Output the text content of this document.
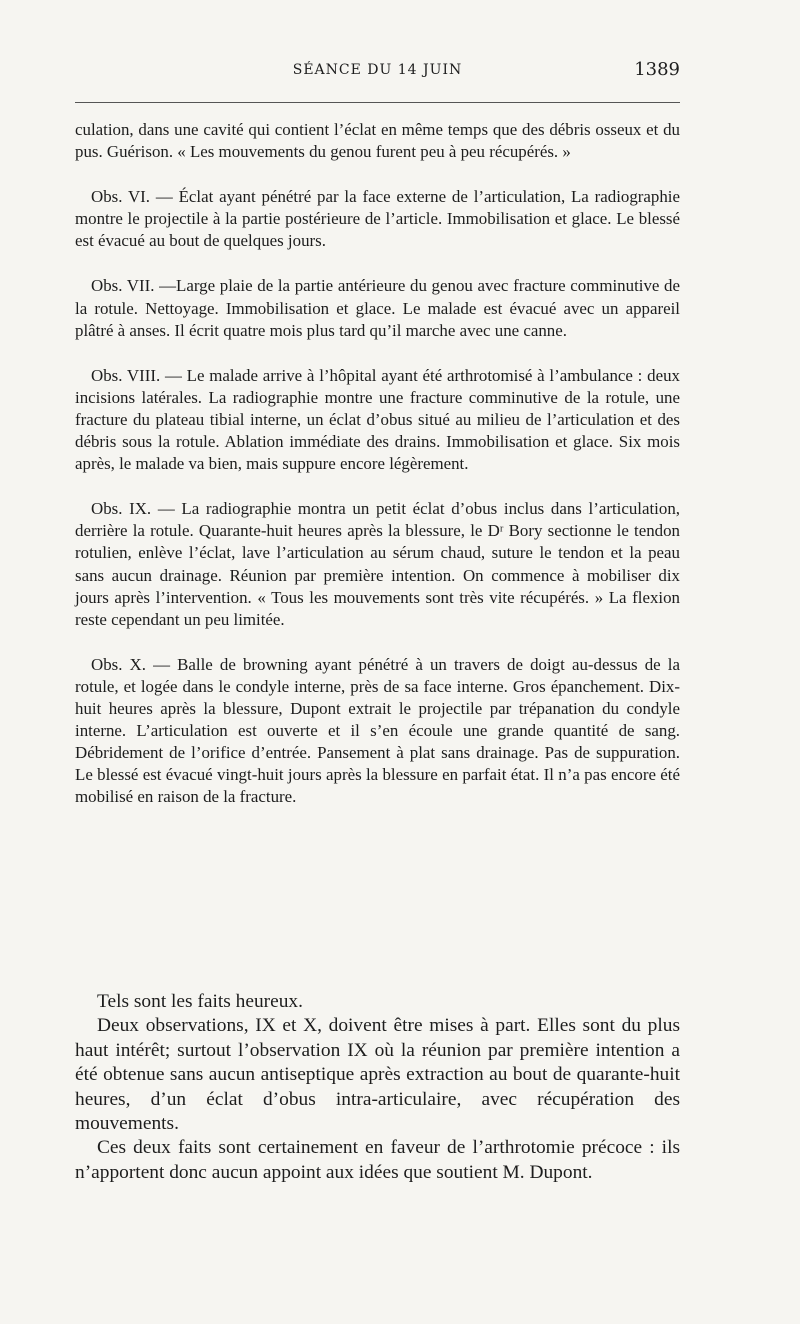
SÉANCE DU 14 JUIN	1389

culation, dans une cavité qui contient l’éclat en même temps que des débris osseux et du pus. Guérison. « Les mouvements du genou furent peu à peu récupérés. »

Obs. VI. — Éclat ayant pénétré par la face externe de l’articulation, La radiographie montre le projectile à la partie postérieure de l’article. Immobilisation et glace. Le blessé est évacué au bout de quelques jours.

Obs. VII. —Large plaie de la partie antérieure du genou avec fracture comminutive de la rotule. Nettoyage. Immobilisation et glace. Le malade est évacué avec un appareil plâtré à anses. Il écrit quatre mois plus tard qu’il marche avec une canne.

Obs. VIII. — Le malade arrive à l’hôpital ayant été arthrotomisé à l’ambulance : deux incisions latérales. La radiographie montre une fracture comminutive de la rotule, une fracture du plateau tibial interne, un éclat d’obus situé au milieu de l’articulation et des débris sous la rotule. Ablation immédiate des drains. Immobilisation et glace. Six mois après, le malade va bien, mais suppure encore légèrement.

Obs. IX. — La radiographie montra un petit éclat d’obus inclus dans l’articulation, derrière la rotule. Quarante-huit heures après la blessure, le Dʳ Bory sectionne le tendon rotulien, enlève l’éclat, lave l’articulation au sérum chaud, suture le tendon et la peau sans aucun drainage. Réunion par première intention. On commence à mobiliser dix jours après l’intervention. « Tous les mouvements sont très vite récupérés. » La flexion reste cependant un peu limitée.

Obs. X. — Balle de browning ayant pénétré à un travers de doigt au-dessus de la rotule, et logée dans le condyle interne, près de sa face interne. Gros épanchement. Dix-huit heures après la blessure, Dupont extrait le projectile par trépanation du condyle interne. L’articulation est ouverte et il s’en écoule une grande quantité de sang. Débridement de l’orifice d’entrée. Pansement à plat sans drainage. Pas de suppuration. Le blessé est évacué vingt-huit jours après la blessure en parfait état. Il n’a pas encore été mobilisé en raison de la fracture.

Tels sont les faits heureux.

Deux observations, IX et X, doivent être mises à part. Elles sont du plus haut intérêt; surtout l’observation IX où la réunion par première intention a été obtenue sans aucun antiseptique après extraction au bout de quarante-huit heures, d’un éclat d’obus intra-articulaire, avec récupération des mouvements.

Ces deux faits sont certainement en faveur de l’arthrotomie précoce : ils n’apportent donc aucun appoint aux idées que soutient M. Dupont.
